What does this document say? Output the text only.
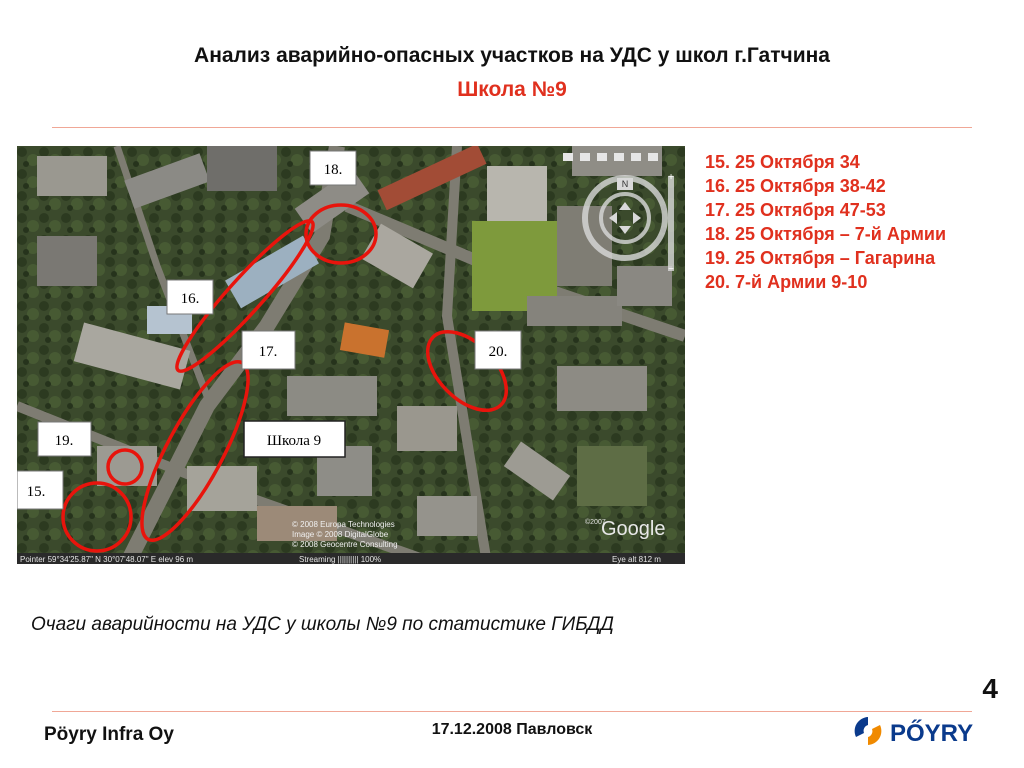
Анализ аварийно-опасных участков на УДС у школ г.Гатчина
Школа №9
N
+
−
© 2008 Europa Technologies
Image © 2008 DigitalGlobe
© 2008 Geocentre Consulting
©2007
Google
Pointer 59°34'25.87" N 30°07'48.07" E elev 96 m	Streaming |||||||||| 100%	Eye alt 812 m
18.
16.
17.	20.
19.
15.
Школа 9
15. 25 Октября 34
16. 25 Октября 38-42
17. 25 Октября 47-53
18. 25 Октября – 7-й Армии
19. 25 Октября – Гагарина
20. 7-й Армии 9-10
Очаги аварийности на УДС у школы №9 по статистике ГИБДД
4
Pöyry Infra Oy	17.12.2008 Павловск	PŐYRY
